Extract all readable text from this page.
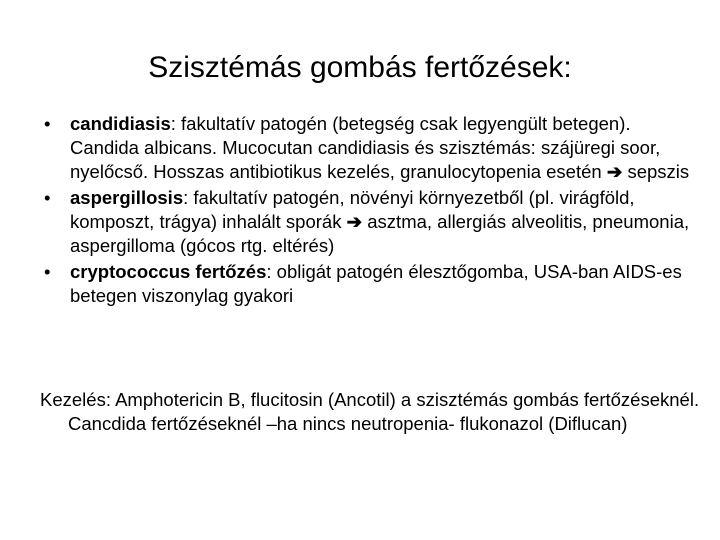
Szisztémás gombás fertőzések:
• candidiasis: fakultatív patogén (betegség csak legyengült betegen). Candida albicans. Mucocutan candidiasis és szisztémás: szájüregi soor, nyelőcső. Hosszas antibiotikus kezelés, granulocytopenia esetén ➔ sepszis
• aspergillosis: fakultatív patogén, növényi környezetből (pl. virágföld, komposzt, trágya) inhalált sporák ➔ asztma, allergiás alveolitis, pneumonia, aspergilloma (gócos rtg. eltérés)
• cryptococcus fertőzés: obligát patogén élesztőgomba, USA-ban AIDS-es betegen viszonylag gyakori
Kezelés: Amphotericin B, flucitosin (Ancotil) a szisztémás gombás fertőzéseknél. Cancdida fertőzéseknél –ha nincs neutropenia- flukonazol (Diflucan)
